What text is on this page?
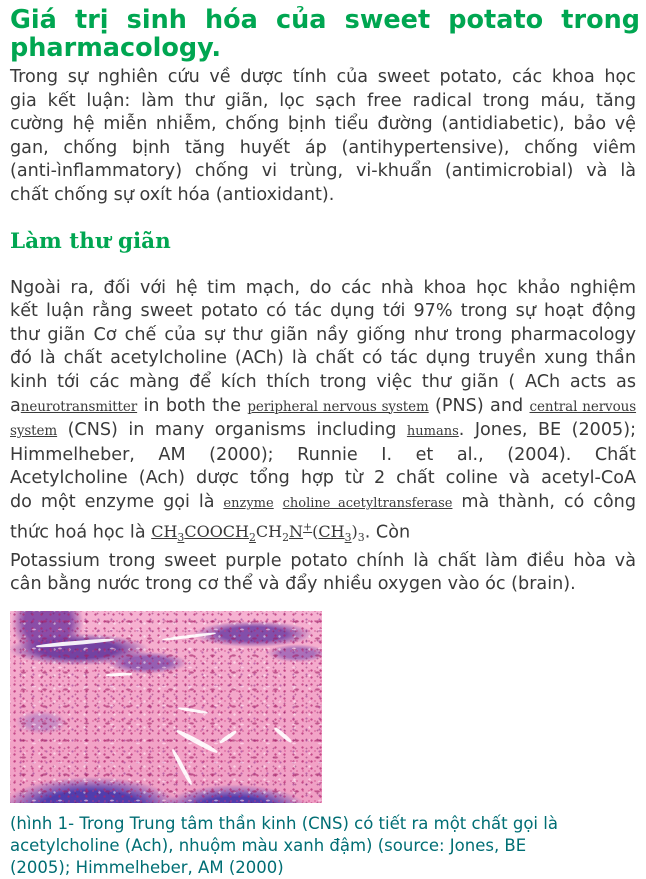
Giá trị sinh hóa của sweet potato trong
pharmacology.

Trong sự nghiên cứu về dược tính của sweet potato, các khoa học
gia kết luận: làm thư giãn, lọc sạch free radical trong máu, tăng
cường hệ miễn nhiễm, chống bịnh tiểu đường (antidiabetic), bảo vệ
gan, chống bịnh tăng huyết áp (antihypertensive), chống viêm
(anti-ìnflammatory) chống vi trùng, vi-khuẩn (antimicrobial) và là
chất chống sự oxít hóa (antioxidant).

Làm thư giãn

Ngoài ra, đối với hệ tim mạch, do các nhà khoa học khảo nghiệm
kết luận rằng sweet potato có tác dụng tới 97% trong sự hoạt động
thư giãn Cơ chế của sự thư giãn nầy giống như trong pharmacology
đó là chất acetylcholine (ACh) là chất có tác dụng truyền xung thần
kinh tới các màng để kích thích trong việc thư giãn ( ACh acts as
aneurotransmitter in both the peripheral nervous system (PNS) and central nervous
system (CNS) in many organisms including humans. Jones, BE (2005);
Himmelheber, AM (2000); Runnie I. et al., (2004). Chất
Acetylcholine (Ach) dược tổng hợp từ 2 chất coline và acetyl-CoA
do một enzyme gọi là enzyme choline acetyltransferase mà thành, có công
thức hoá học là $CH_3COOCH_2CH_2N^+(CH_3)_3$. Còn
Potassium trong sweet purple potato chính là chất làm điều hòa và
cân bằng nước trong cơ thể và đẩy nhiều oxygen vào óc (brain).

(hình 1- Trong Trung tâm thần kinh (CNS) có tiết ra một chất gọi là
acetylcholine (Ach), nhuộm màu xanh đậm) (source: Jones, BE
(2005); Himmelheber, AM (2000)
